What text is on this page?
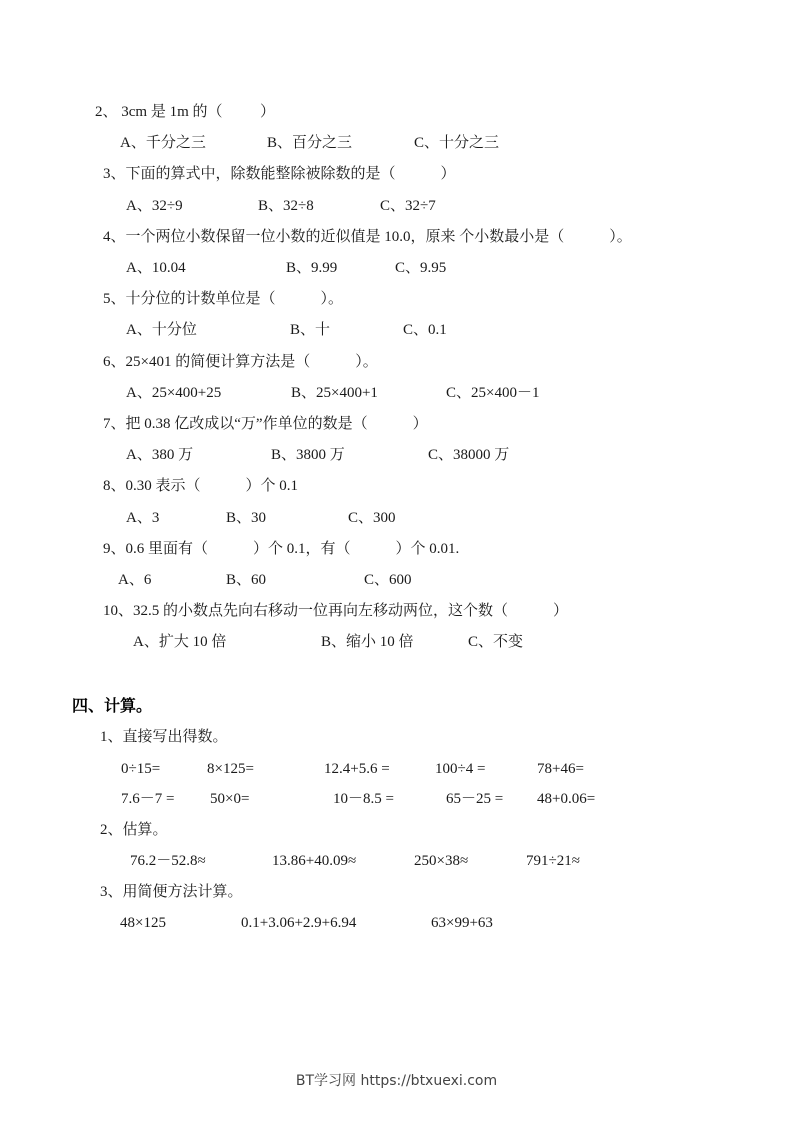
2、 3cm 是 1m 的（          ）
A、千分之三	B、百分之三	C、十分之三
3、下面的算式中，除数能整除被除数的是（            ）
A、32÷9	B、32÷8	C、32÷7
4、一个两位小数保留一位小数的近似值是 10.0，原来 个小数最小是（            ）。
A、10.04	B、9.99	C、9.95
5、十分位的计数单位是（            ）。
A、十分位	B、十	C、0.1
6、25×401 的简便计算方法是（            ）。
A、25×400+25	B、25×400+1	C、25×400－1
7、把 0.38 亿改成以“万”作单位的数是（            ）
A、380 万	B、3800 万	C、38000 万
8、0.30 表示（            ）个 0.1
A、3	B、30	C、300
9、0.6 里面有（            ）个 0.1，有（            ）个 0.01.
A、6	B、60	C、600
10、32.5 的小数点先向右移动一位再向左移动两位，这个数（            ）
A、扩大 10 倍	B、缩小 10 倍	C、不变
四、计算。
1、直接写出得数。
0÷15=	8×125=	12.4+5.6 =	100÷4 =	78+46=
7.6－7 = 50×0=	10－8.5 =	65－25 = 48+0.06=
2、估算。
76.2－52.8≈	13.86+40.09≈	250×38≈	791÷21≈
3、用简便方法计算。
48×125	0.1+3.06+2.9+6.94	63×99+63
BT学习网 https://btxuexi.com
